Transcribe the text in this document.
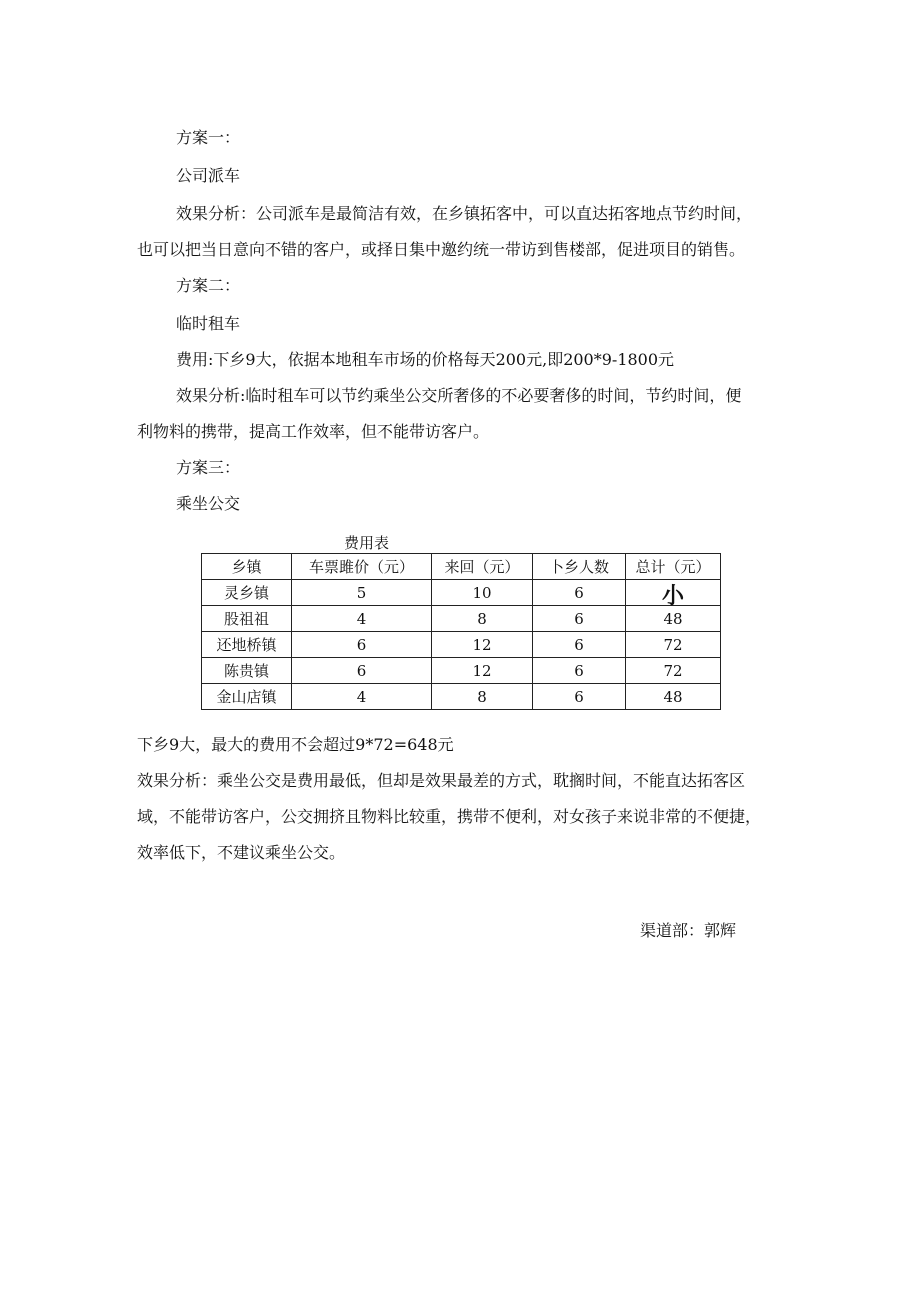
方案一：
公司派车
效果分析：公司派车是最简洁有效，在乡镇拓客中，可以直达拓客地点节约时间，
也可以把当日意向不错的客户，或择日集中邀约统一带访到售楼部，促进项目的销售。
方案二：
临时租车
费用:下乡9大，依据本地租车市场的价格每天200元,即200*9-1800元
效果分析:临时租车可以节约乘坐公交所奢侈的不必要奢侈的时间，节约时间，便
利物料的携带，提高工作效率，但不能带访客户。
方案三：
乘坐公交
费用表
乡镇	车票雎价（元）	来回（元）	卜乡人数	总计（元）
灵乡镇	5	10	6	小
股祖祖	4	8	6	48
还地桥镇	6	12	6	72
陈贵镇	6	12	6	72
金山店镇	4	8	6	48
下乡9大，最大的费用不会超过9*72=648元
效果分析：乘坐公交是费用最低，但却是效果最差的方式，耽搁时间，不能直达拓客区
域，不能带访客户，公交拥挤且物料比较重，携带不便利，对女孩子来说非常的不便捷，
效率低下，不建议乘坐公交。
渠道部：郭辉
